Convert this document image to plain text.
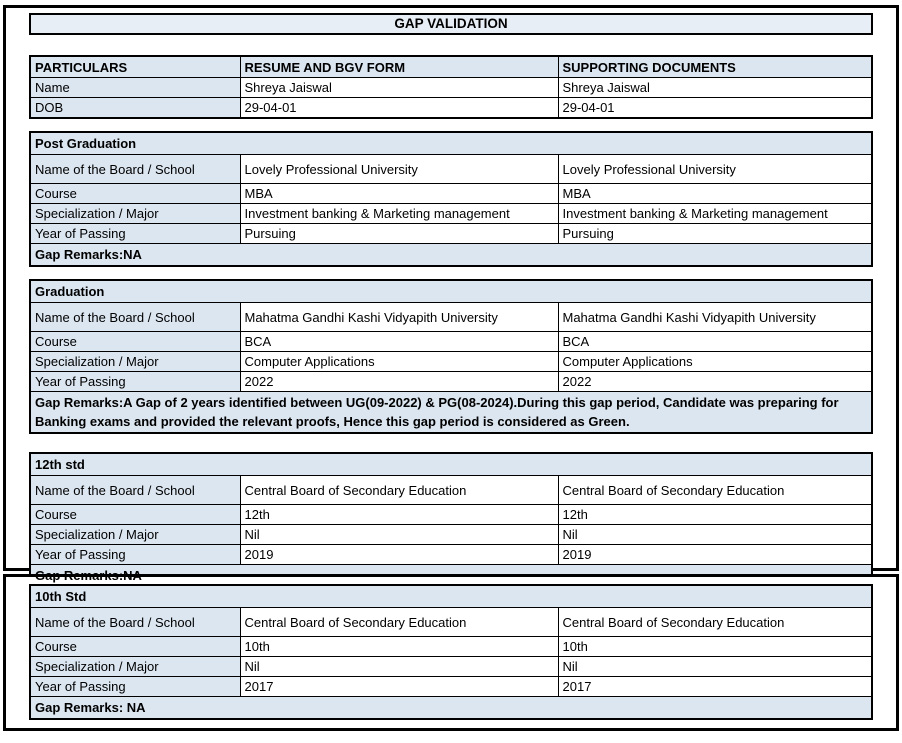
GAP VALIDATION
PARTICULARS	RESUME AND BGV FORM	SUPPORTING DOCUMENTS
Name	Shreya Jaiswal	Shreya Jaiswal
DOB	29-04-01	29-04-01
Post Graduation		
Name of the Board / School	Lovely Professional University	Lovely Professional University
Course	MBA	MBA
Specialization / Major	Investment banking & Marketing management	Investment banking & Marketing management
Year of Passing	Pursuing	Pursuing
Gap Remarks:NA		
Graduation		
Name of the Board / School	Mahatma Gandhi Kashi Vidyapith University	Mahatma Gandhi Kashi Vidyapith University
Course	BCA	BCA
Specialization / Major	Computer Applications	Computer Applications
Year of Passing	2022	2022
Gap Remarks:A Gap of 2 years identified between UG(09-2022) & PG(08-2024).During this gap period, Candidate was preparing for Banking exams and provided the relevant proofs, Hence this gap period is considered as Green.		
12th std		
Name of the Board / School	Central Board of Secondary Education	Central Board of Secondary Education
Course	12th	12th
Specialization / Major	Nil	Nil
Year of Passing	2019	2019
Gap Remarks:NA		
10th Std		
Name of the Board / School	Central Board of Secondary Education	Central Board of Secondary Education
Course	10th	10th
Specialization / Major	Nil	Nil
Year of Passing	2017	2017
Gap Remarks: NA		
